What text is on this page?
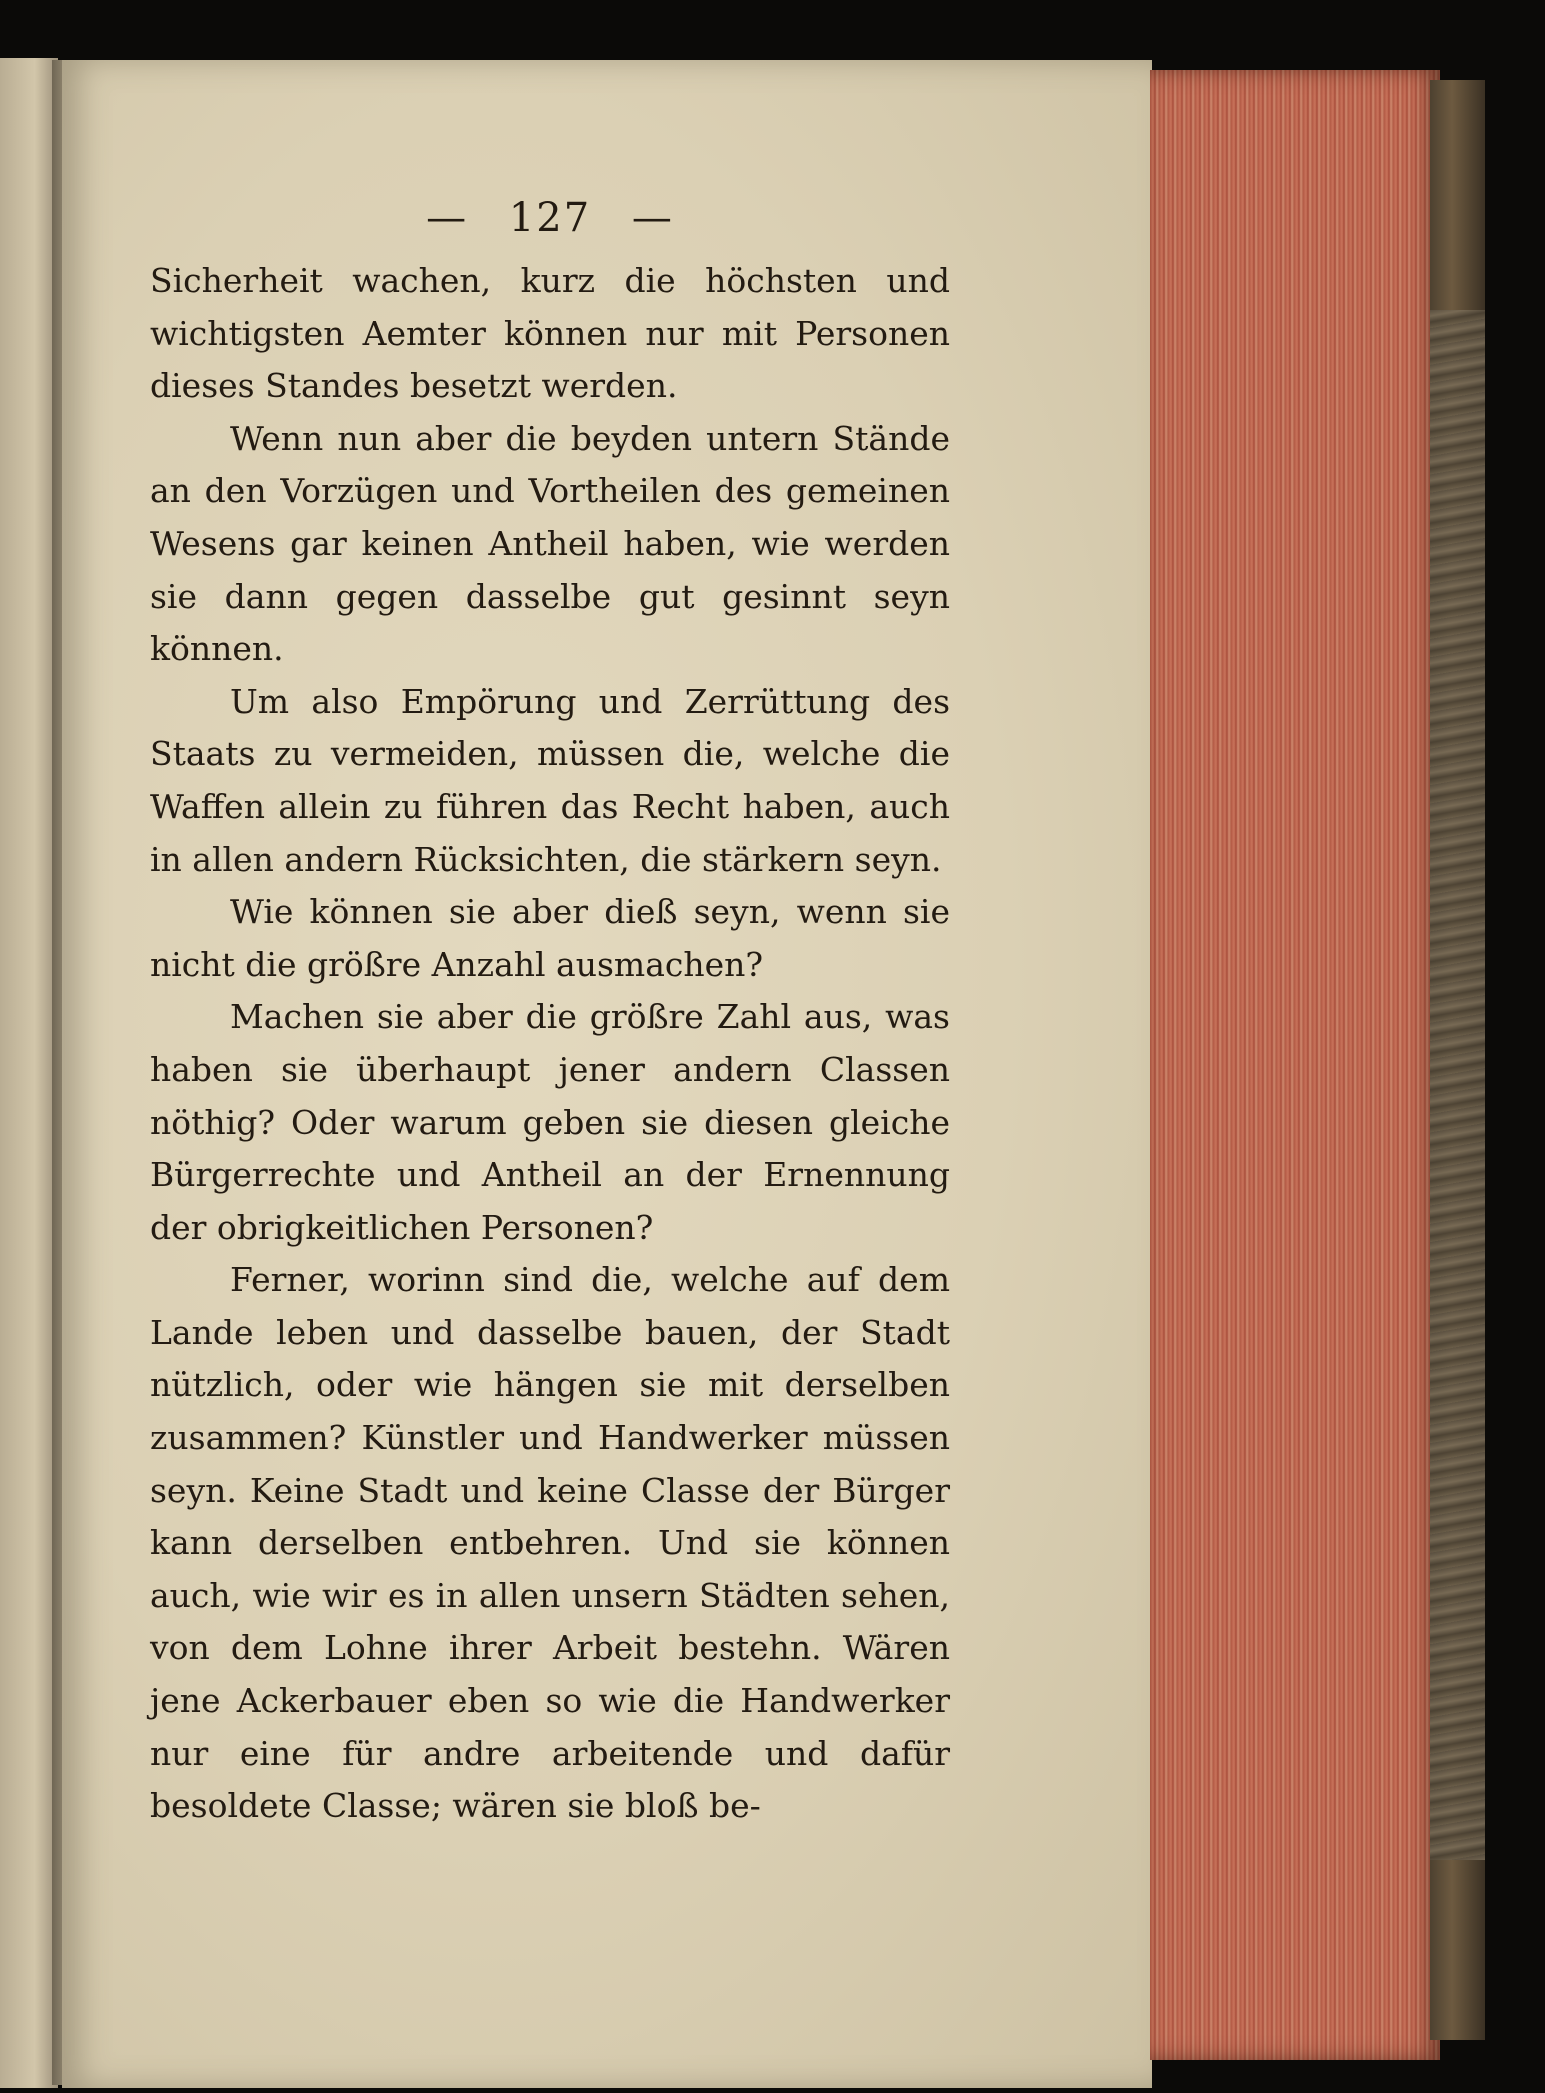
— 127 —

Sicherheit wachen, kurz die höchsten und wichtigsten Aemter können nur mit Personen dieses Standes besetzt werden.

Wenn nun aber die beyden untern Stände an den Vorzügen und Vortheilen des gemeinen Wesens gar keinen Antheil haben, wie werden sie dann gegen dasselbe gut gesinnt seyn können.

Um also Empörung und Zerrüttung des Staats zu vermeiden, müssen die, welche die Waffen allein zu führen das Recht haben, auch in allen andern Rücksichten, die stärkern seyn.

Wie können sie aber dieß seyn, wenn sie nicht die größre Anzahl ausmachen?

Machen sie aber die größre Zahl aus, was haben sie überhaupt jener andern Classen nöthig? Oder warum geben sie diesen gleiche Bürgerrechte und Antheil an der Ernennung der obrigkeitlichen Personen?

Ferner, worinn sind die, welche auf dem Lande leben und dasselbe bauen, der Stadt nützlich, oder wie hängen sie mit derselben zusammen? Künstler und Handwerker müssen seyn. Keine Stadt und keine Classe der Bürger kann derselben entbehren. Und sie können auch, wie wir es in allen unsern Städten sehen, von dem Lohne ihrer Arbeit bestehn. Wären jene Ackerbauer eben so wie die Handwerker nur eine für andre arbeitende und dafür besoldete Classe; wären sie bloß be-
